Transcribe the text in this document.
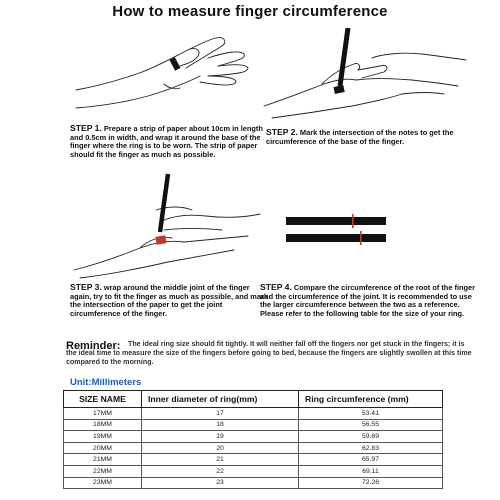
How to measure finger circumference
STEP 1. Prepare a strip of paper about 10cm in length and 0.5cm in width, and wrap it around the base of the finger where the ring is to be worn. The strip of paper should fit the finger as much as possible.
STEP 2. Mark the intersection of the notes to get the circumference of the base of the finger.
STEP 3. wrap around the middle joint of the finger again, try to fit the finger as much as possible, and mark the intersection of the paper to get the joint circumference of the finger.
STEP 4. Compare the circumference of the root of the finger and the circumference of the joint. It is recommended to use the larger circumference between the two as a reference. Please refer to the following table for the size of your ring.
Reminder:	The ideal ring size should fit tightly. It will neither fall off the fingers nor get stuck in the fingers; it is the ideal time to measure the size of the fingers before going to bed, because the fingers are slightly swollen at this time compared to the morning.
Unit:Millimeters
SIZE NAME	Inner diameter of ring(mm)	Ring circumference (mm)
17MM	17	53.41
18MM	18	56.55
19MM	19	59.69
20MM	20	62.83
21MM	21	65.97
22MM	22	69.11
23MM	23	72.26
